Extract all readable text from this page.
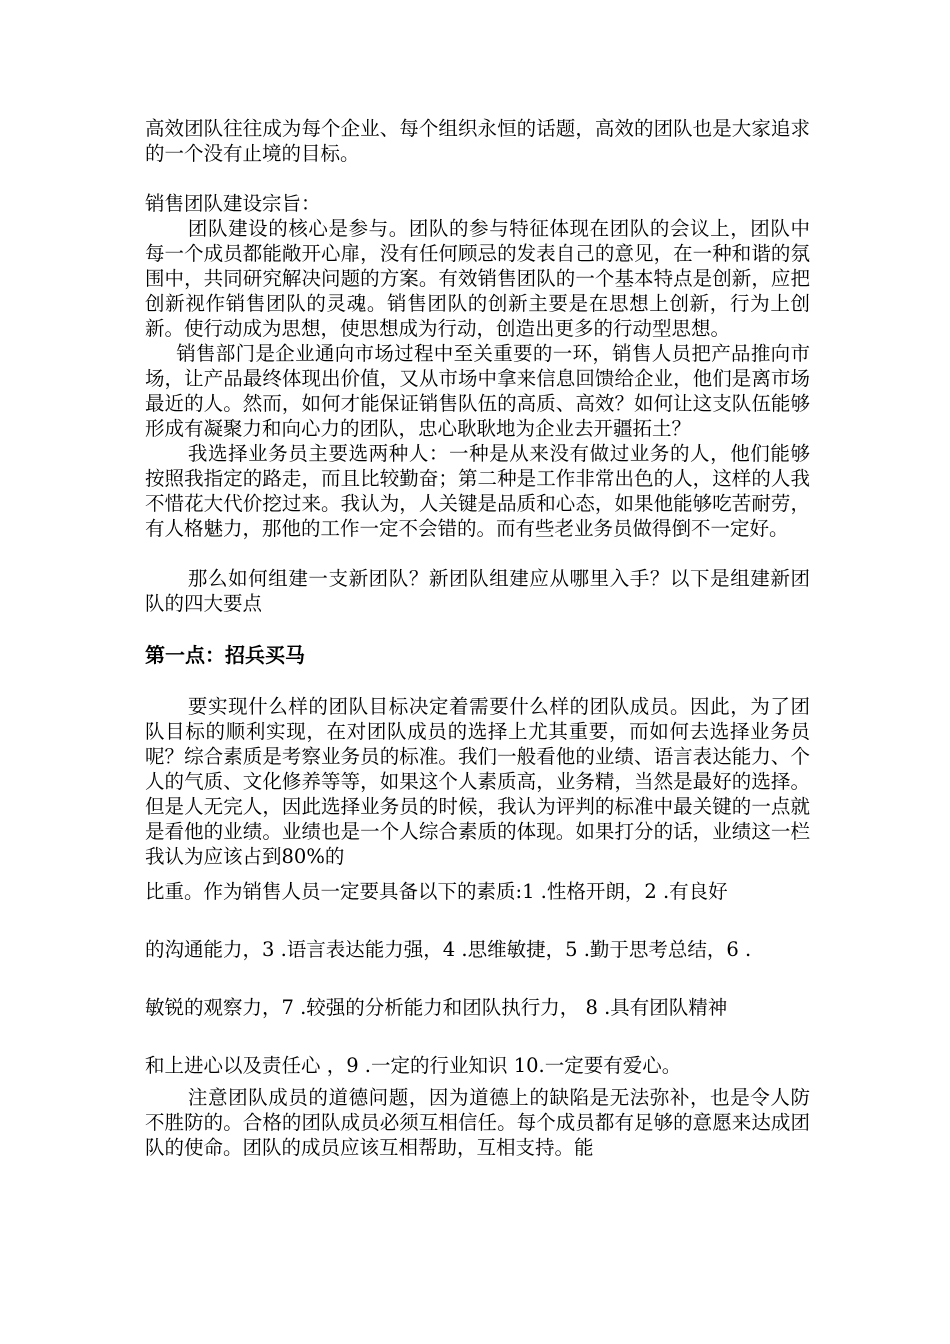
高效团队往往成为每个企业、每个组织永恒的话题，高效的团队也是大家追求的一个没有止境的目标。

销售团队建设宗旨：

团队建设的核心是参与。团队的参与特征体现在团队的会议上，团队中每一个成员都能敞开心扉，没有任何顾忌的发表自己的意见，在一种和谐的氛围中，共同研究解决问题的方案。有效销售团队的一个基本特点是创新，应把创新视作销售团队的灵魂。销售团队的创新主要是在思想上创新，行为上创新。使行动成为思想，使思想成为行动，创造出更多的行动型思想。

销售部门是企业通向市场过程中至关重要的一环，销售人员把产品推向市场，让产品最终体现出价值，又从市场中拿来信息回馈给企业，他们是离市场最近的人。然而，如何才能保证销售队伍的高质、高效？如何让这支队伍能够形成有凝聚力和向心力的团队，忠心耿耿地为企业去开疆拓土？

我选择业务员主要选两种人：一种是从来没有做过业务的人，他们能够按照我指定的路走，而且比较勤奋；第二种是工作非常出色的人，这样的人我不惜花大代价挖过来。我认为，人关键是品质和心态，如果他能够吃苦耐劳，有人格魅力，那他的工作一定不会错的。而有些老业务员做得倒不一定好。

那么如何组建一支新团队？新团队组建应从哪里入手？以下是组建新团队的四大要点

第一点：招兵买马

要实现什么样的团队目标决定着需要什么样的团队成员。因此，为了团队目标的顺利实现，在对团队成员的选择上尤其重要，而如何去选择业务员呢？综合素质是考察业务员的标准。我们一般看他的业绩、语言表达能力、个人的气质、文化修养等等，如果这个人素质高，业务精，当然是最好的选择。但是人无完人，因此选择业务员的时候，我认为评判的标准中最关键的一点就是看他的业绩。业绩也是一个人综合素质的体现。如果打分的话，业绩这一栏我认为应该占到80%的

比重。作为销售人员一定要具备以下的素质:1 .性格开朗，2 .有良好

的沟通能力，3 .语言表达能力强，4 .思维敏捷，5 .勤于思考总结，6 .

敏锐的观察力，7 .较强的分析能力和团队执行力， 8 .具有团队精神

和上进心以及责任心 ，9 .一定的行业知识 10.一定要有爱心。

注意团队成员的道德问题，因为道德上的缺陷是无法弥补，也是令人防不胜防的。合格的团队成员必须互相信任。每个成员都有足够的意愿来达成团队的使命。团队的成员应该互相帮助，互相支持。能
